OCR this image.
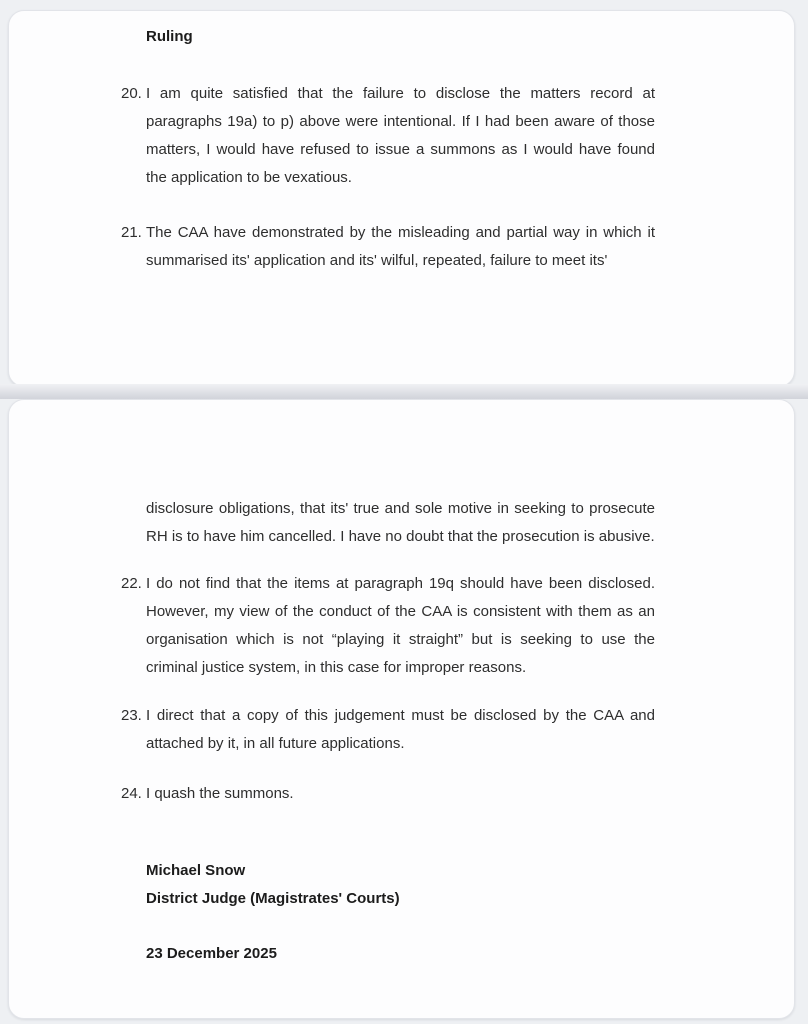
Ruling
20. I am quite satisfied that the failure to disclose the matters record at paragraphs 19a) to p) above were intentional. If I had been aware of those matters, I would have refused to issue a summons as I would have found the application to be vexatious.
21. The CAA have demonstrated by the misleading and partial way in which it summarised its' application and its' wilful, repeated, failure to meet its'
disclosure obligations, that its' true and sole motive in seeking to prosecute RH is to have him cancelled. I have no doubt that the prosecution is abusive.
22. I do not find that the items at paragraph 19q should have been disclosed. However, my view of the conduct of the CAA is consistent with them as an organisation which is not “playing it straight” but is seeking to use the criminal justice system, in this case for improper reasons.
23. I direct that a copy of this judgement must be disclosed by the CAA and attached by it, in all future applications.
24. I quash the summons.
Michael Snow
District Judge (Magistrates' Courts)
23 December 2025
